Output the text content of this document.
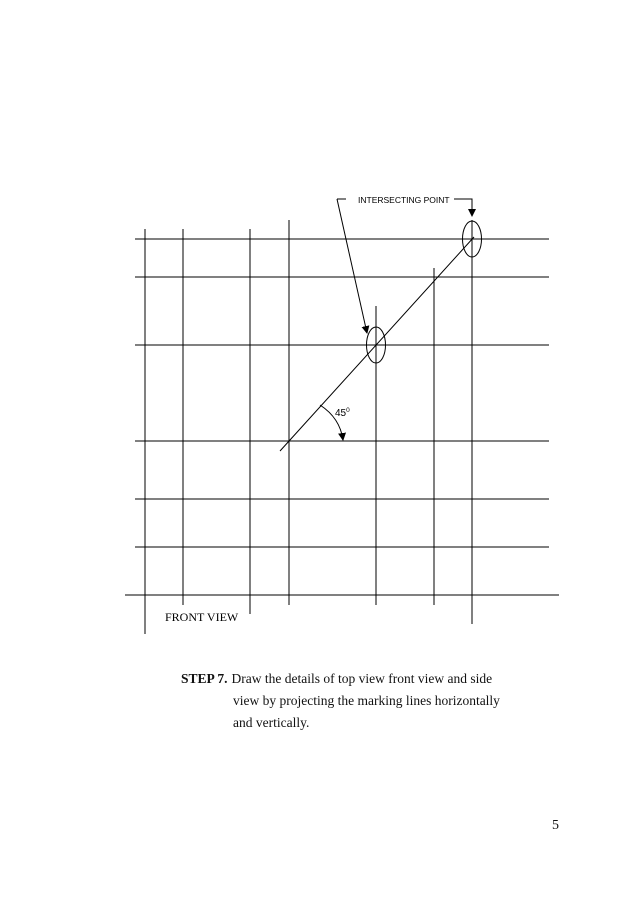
INTERSECTING POINT
$45^0$
FRONT VIEW
STEP 7. Draw the details of top view front view and side
view by projecting the marking lines horizontally
and vertically.
5
